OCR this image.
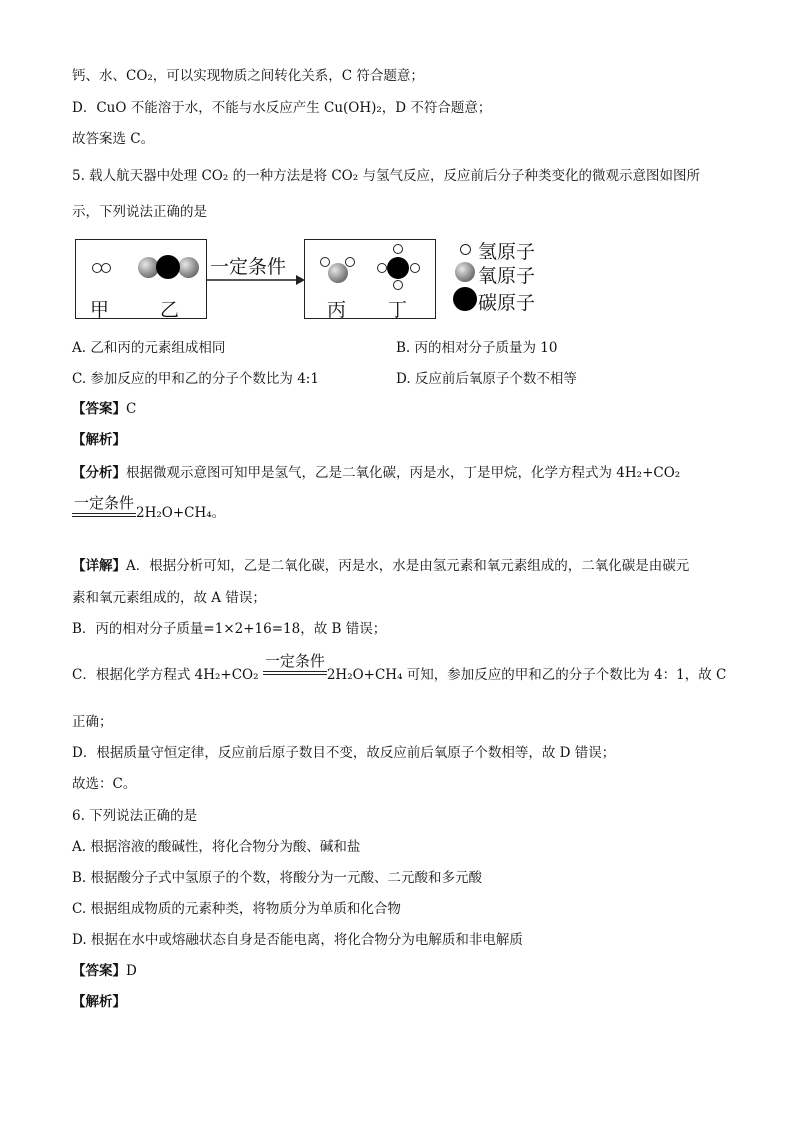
钙、水、CO₂，可以实现物质之间转化关系，C 符合题意；
D．CuO 不能溶于水，不能与水反应产生 Cu(OH)₂，D 不符合题意；
故答案选 C。
5. 载人航天器中处理 CO₂ 的一种方法是将 CO₂ 与氢气反应，反应前后分子种类变化的微观示意图如图所
示，下列说法正确的是
甲	乙
一定条件
丙 丁
氢原子
氧原子
碳原子
A. 乙和丙的元素组成相同	B. 丙的相对分子质量为 10
C. 参加反应的甲和乙的分子个数比为 4:1	D. 反应前后氧原子个数不相等
【答案】C
【解析】
【分析】根据微观示意图可知甲是氢气，乙是二氧化碳，丙是水，丁是甲烷，化学方程式为 4H₂+CO₂
一定条件
2H₂O+CH₄。
【详解】A．根据分析可知，乙是二氧化碳，丙是水，水是由氢元素和氧元素组成的，二氧化碳是由碳元
素和氧元素组成的，故 A 错误；
B．丙的相对分子质量=1×2+16=18，故 B 错误；
C．根据化学方程式 4H₂+CO₂
一定条件
2H₂O+CH₄ 可知，参加反应的甲和乙的分子个数比为 4：1，故 C
正确；
D．根据质量守恒定律，反应前后原子数目不变，故反应前后氧原子个数相等，故 D 错误；
故选：C。
6. 下列说法正确的是
A. 根据溶液的酸碱性，将化合物分为酸、碱和盐
B. 根据酸分子式中氢原子的个数，将酸分为一元酸、二元酸和多元酸
C. 根据组成物质的元素种类，将物质分为单质和化合物
D. 根据在水中或熔融状态自身是否能电离，将化合物分为电解质和非电解质
【答案】D
【解析】
